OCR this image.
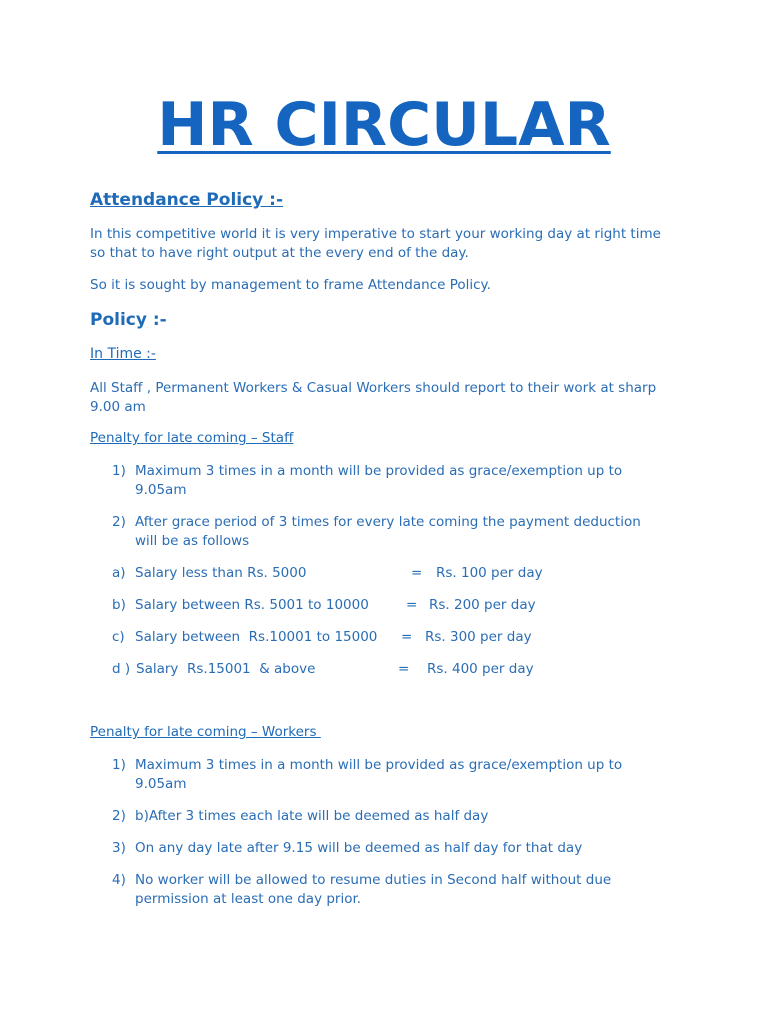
HR CIRCULAR
Attendance Policy :-
In this competitive world it is very imperative to start your working day at right time
so that to have right output at the every end of the day.
So it is sought by management to frame Attendance Policy.
Policy :-
In Time :-
All Staff , Permanent Workers & Casual Workers should report to their work at sharp
9.00 am
Penalty for late coming – Staff
1) Maximum 3 times in a month will be provided as grace/exemption up to
9.05am
2) After grace period of 3 times for every late coming the payment deduction
will be as follows
a) Salary less than Rs. 5000	= Rs. 100 per day
b) Salary between Rs. 5001 to 10000	= Rs. 200 per day
c) Salary between  Rs.10001 to 15000 = Rs. 300 per day
d ) Salary  Rs.15001  & above	= Rs. 400 per day
Penalty for late coming – Workers
1) Maximum 3 times in a month will be provided as grace/exemption up to
9.05am
2) b)After 3 times each late will be deemed as half day
3) On any day late after 9.15 will be deemed as half day for that day
4) No worker will be allowed to resume duties in Second half without due
permission at least one day prior.
